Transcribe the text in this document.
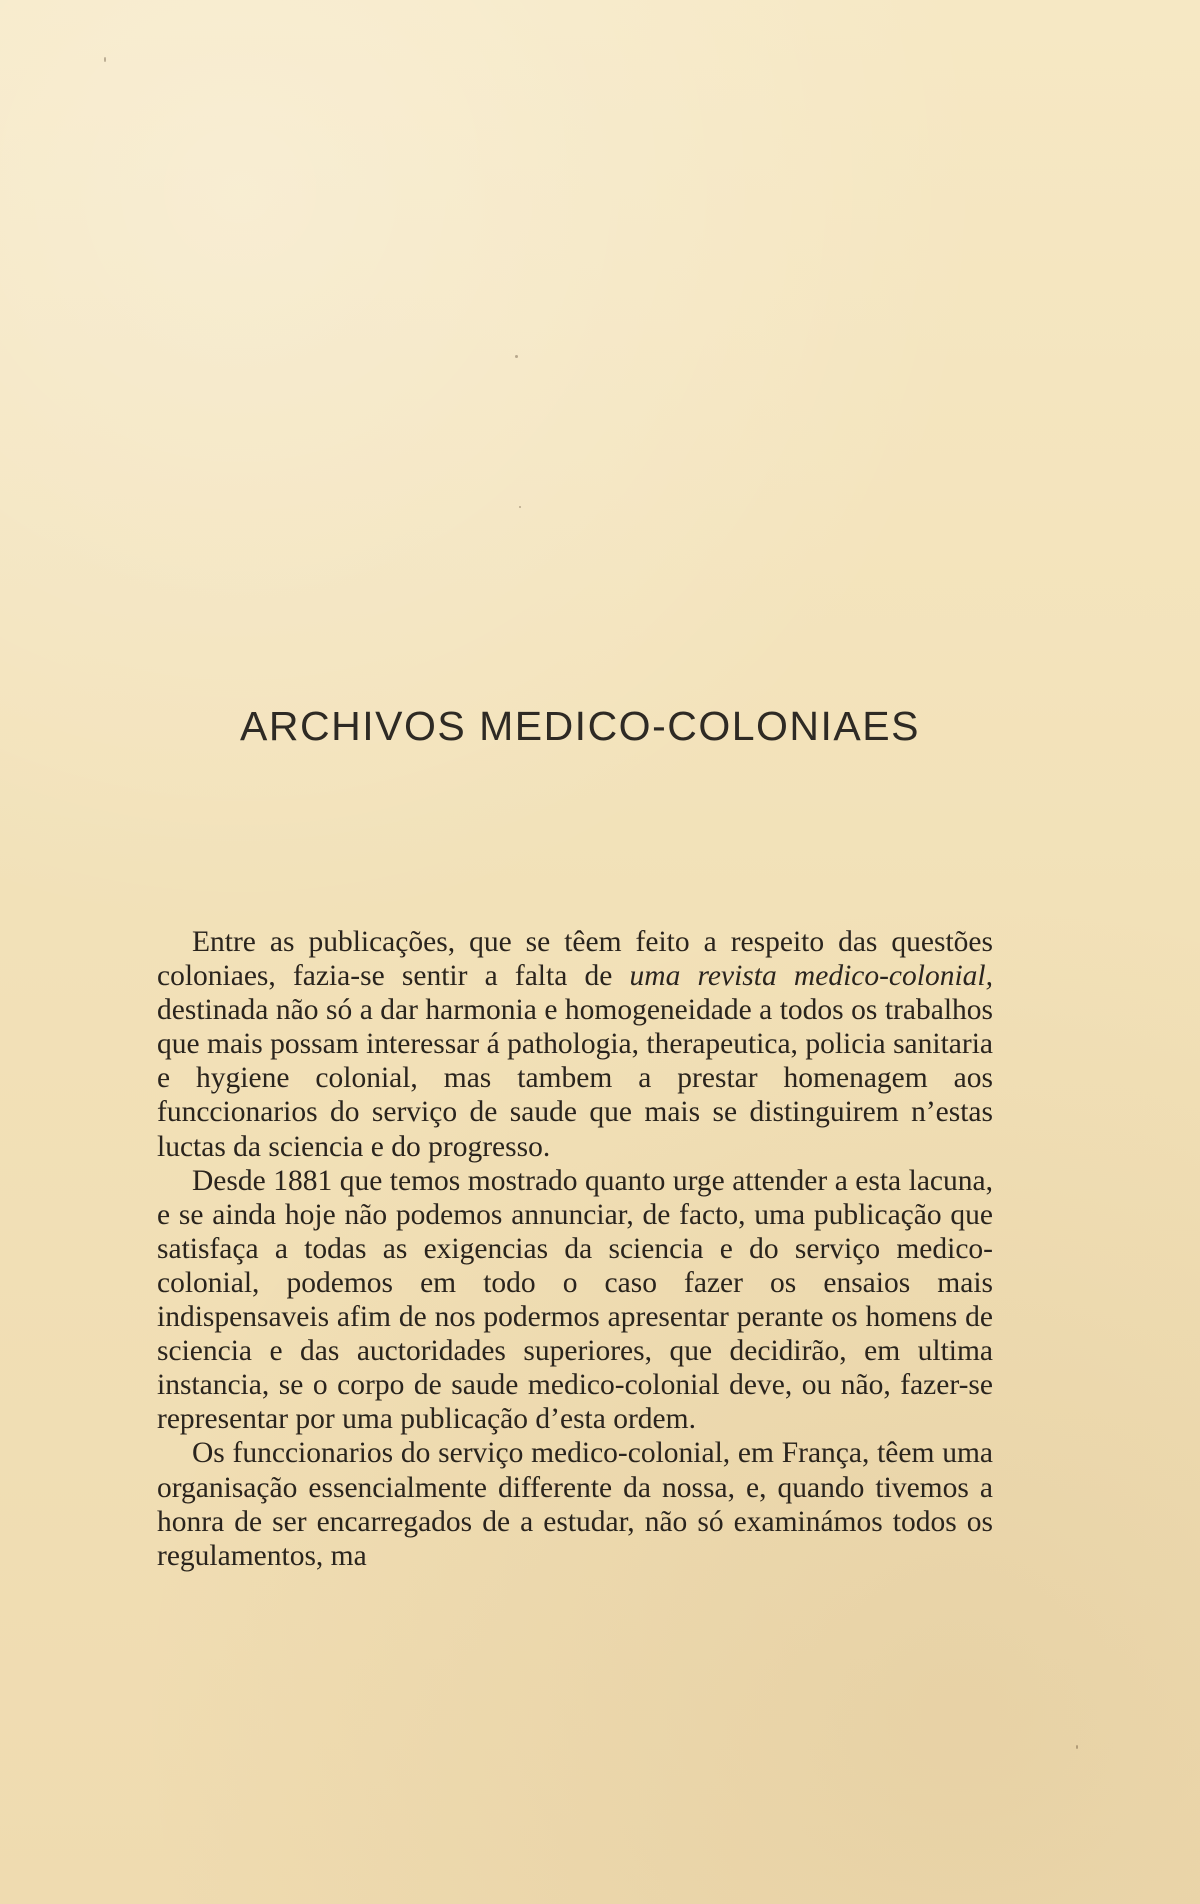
ARCHIVOS MEDICO-COLONIAES

Entre as publicações, que se têem feito a respeito das questões coloniaes, fazia-se sentir a falta de uma revista medico-colonial, destinada não só a dar harmonia e homogeneidade a todos os trabalhos que mais possam interessar á pathologia, therapeutica, policia sanitaria e hygiene colonial, mas tambem a prestar homenagem aos funccionarios do serviço de saude que mais se distinguirem n’estas luctas da sciencia e do progresso.

Desde 1881 que temos mostrado quanto urge attender a esta lacuna, e se ainda hoje não podemos annunciar, de facto, uma publicação que satisfaça a todas as exigencias da sciencia e do serviço medico-colonial, podemos em todo o caso fazer os ensaios mais indispensaveis afim de nos podermos apresentar perante os homens de sciencia e das auctoridades superiores, que decidirão, em ultima instancia, se o corpo de saude medico-colonial deve, ou não, fazer-se representar por uma publicação d’esta ordem.

Os funccionarios do serviço medico-colonial, em França, têem uma organisação essencialmente differente da nossa, e, quando tivemos a honra de ser encarregados de a estudar, não só examinámos todos os regulamentos, ma
